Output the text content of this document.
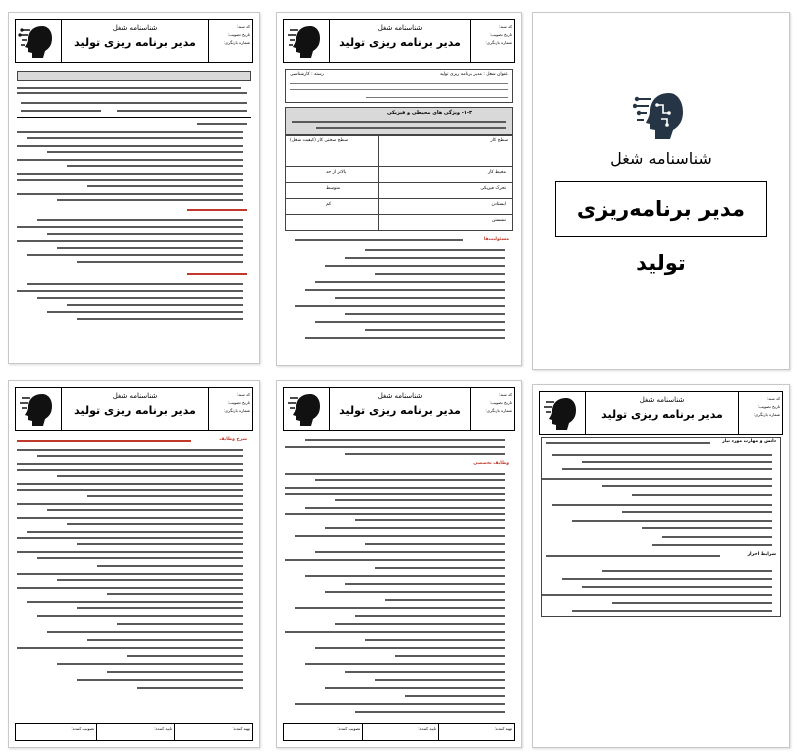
کد سند:
تاریخ تصویب:
شماره بازنگری:
شناسنامه شغل
مدیر برنامه ریزی تولید
کد سند:
تاریخ تصویب:
شماره بازنگری:
شناسنامه شغل
مدیر برنامه ریزی تولید
عنوان شغل : مدیر برنامه ریزی تولید
رسته : کارشناسی
۱-۳- ویژگی های محیطی و فیزیکی
سطح کار
سطح سختی کار (کیفیت شغل)
محیط کار
تحرک فیزیکی
ایستادن
نشستن
بالاتر از حد
متوسط
کم
مسئولیت‌ها
شناسنامه شغل
مدیر برنامه‌ریزی تولید
کد سند:
تاریخ تصویب:
شماره بازنگری:
شناسنامه شغل
مدیر برنامه ریزی تولید
شرح وظایف
تهیه کننده:
تایید کننده:
تصویب کننده:
کد سند:
تاریخ تصویب:
شماره بازنگری:
شناسنامه شغل
مدیر برنامه ریزی تولید
وظایف تخصصی
تهیه کننده:
تایید کننده:
تصویب کننده:
کد سند:
تاریخ تصویب:
شماره بازنگری:
شناسنامه شغل
مدیر برنامه ریزی تولید
دانش و مهارت مورد نیاز
شرایط احراز
